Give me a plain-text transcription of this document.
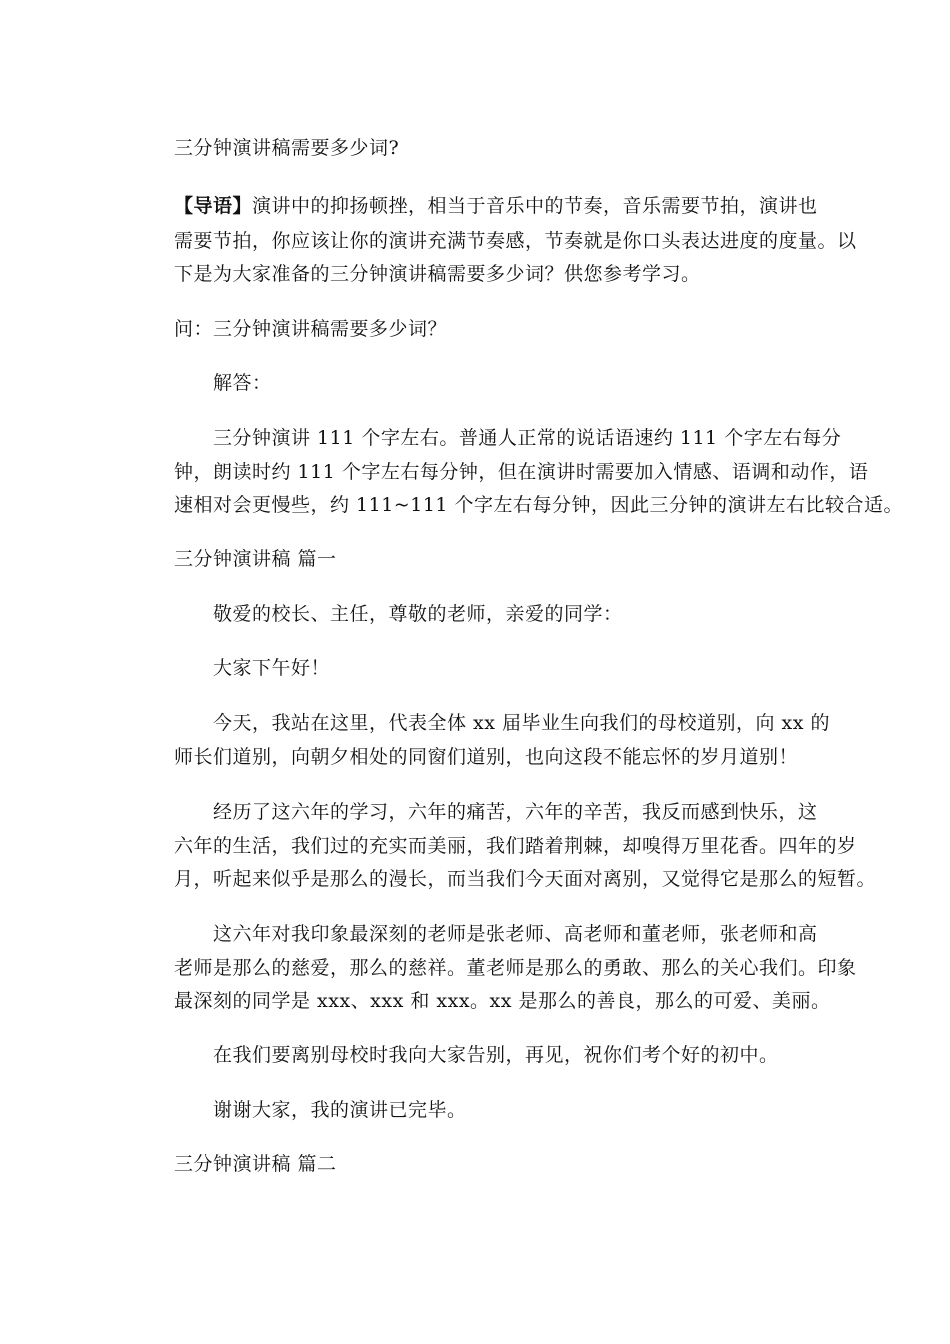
三分钟演讲稿需要多少词?

【导语】演讲中的抑扬顿挫，相当于音乐中的节奏，音乐需要节拍，演讲也

需要节拍，你应该让你的演讲充满节奏感，节奏就是你口头表达进度的度量。以

下是为大家准备的三分钟演讲稿需要多少词？供您参考学习。

问：三分钟演讲稿需要多少词？

解答：

三分钟演讲 111 个字左右。普通人正常的说话语速约 111 个字左右每分

钟，朗读时约 111 个字左右每分钟，但在演讲时需要加入情感、语调和动作，语

速相对会更慢些，约 111~111 个字左右每分钟，因此三分钟的演讲左右比较合适。

三分钟演讲稿 篇一

敬爱的校长、主任，尊敬的老师，亲爱的同学：

大家下午好！

今天，我站在这里，代表全体 xx 届毕业生向我们的母校道别，向 xx 的

师长们道别，向朝夕相处的同窗们道别，也向这段不能忘怀的岁月道别！

经历了这六年的学习，六年的痛苦，六年的辛苦，我反而感到快乐，这

六年的生活，我们过的充实而美丽，我们踏着荆棘，却嗅得万里花香。四年的岁

月，听起来似乎是那么的漫长，而当我们今天面对离别，又觉得它是那么的短暂。

这六年对我印象最深刻的老师是张老师、高老师和董老师，张老师和高

老师是那么的慈爱，那么的慈祥。董老师是那么的勇敢、那么的关心我们。印象

最深刻的同学是 xxx、xxx 和 xxx。xx 是那么的善良，那么的可爱、美丽。

在我们要离别母校时我向大家告别，再见，祝你们考个好的初中。

谢谢大家，我的演讲已完毕。

三分钟演讲稿 篇二
